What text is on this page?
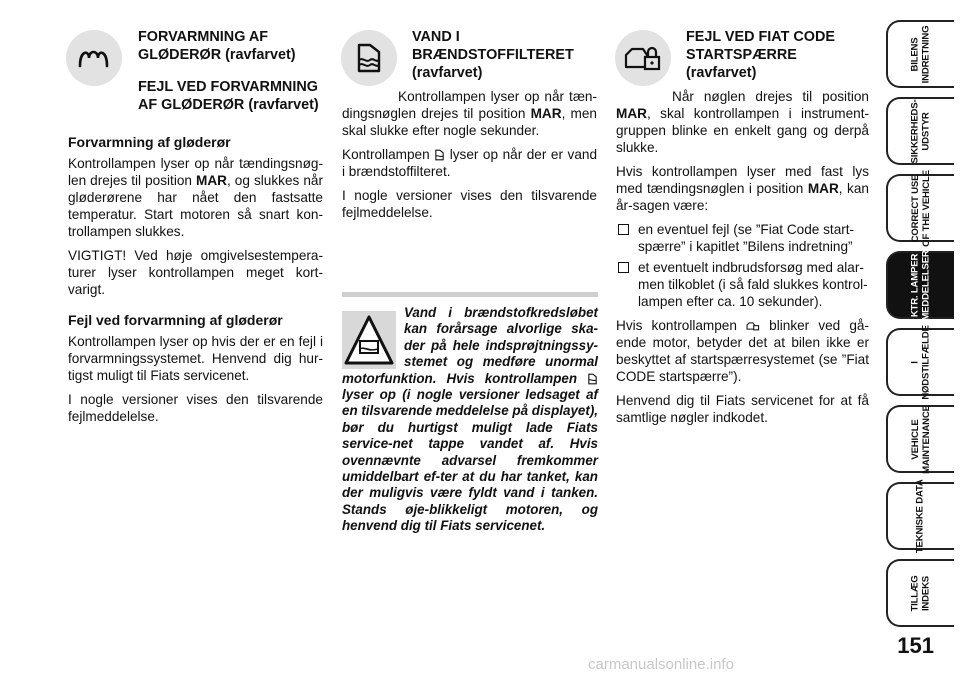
FORVARMNING AF GLØDERØR (ravfarvet)
FEJL VED FORVARMNING AF GLØDERØR (ravfarvet)
Forvarmning af gløderør

Kontrollampen lyser op når tændingsnøg-len drejes til position MAR, og slukkes når gløderørene har nået den fastsatte temperatur. Start motoren så snart kon-trollampen slukkes.

VIGTIGT! Ved høje omgivelsestempera-turer lyser kontrollampen meget kort-varigt.

Fejl ved forvarmning af gløderør

Kontrollampen lyser op hvis der er en fejl i forvarmningssystemet. Henvend dig hur-tigst muligt til Fiats servicenet.

I nogle versioner vises den tilsvarende fejlmeddelelse.

VAND I BRÆNDSTOFFILTERET (ravfarvet)

Kontrollampen lyser op når tæn-dingsnøglen drejes til position MAR, men skal slukke efter nogle sekunder.

Kontrollampen  lyser op når der er vand i brændstoffilteret.

I nogle versioner vises den tilsvarende fejlmeddelelse.

Vand i brændstofkredsløbet kan forårsage alvorlige ska-der på hele indsprøjtningssy-stemet og medføre unormal motorfunktion. Hvis kontrollampen  lyser op (i nogle versioner ledsaget af en tilsvarende meddelelse på displayet), bør du hurtigst muligt lade Fiats service-net tappe vandet af. Hvis ovennævnte advarsel fremkommer umiddelbart ef-ter at du har tanket, kan der muligvis være fyldt vand i tanken. Stands øje-blikkeligt motoren, og henvend dig til Fiats servicenet.
FEJL VED FIAT CODE STARTSPÆRRE (ravfarvet)

Når nøglen drejes til position MAR, skal kontrollampen i instrument-gruppen blinke en enkelt gang og derpå slukke.

Hvis kontrollampen lyser med fast lys med tændingsnøglen i position MAR, kan år-sagen være:

en eventuel fejl (se ”Fiat Code start-spærre” i kapitlet ”Bilens indretning”
et eventuelt indbrudsforsøg med alar-men tilkoblet (i så fald slukkes kontrol-lampen efter ca. 10 sekunder).

Hvis kontrollampen  blinker ved gå-ende motor, betyder det at bilen ikke er beskyttet af startspærresystemet (se ”Fiat CODE startspærre”).

Henvend dig til Fiats servicenet for at få samtlige nøgler indkodet.

BILENS
INDRETNING
SIKKERHEDS-
UDSTYR
CORRECT USE
OF THE VEHICLE
KTR. LAMPER
MEDDELELSER
I
NØDSTILFÆLDE
VEHICLE
MAINTENANCE
TEKNISKE DATA
TILLÆG
INDEKS
151
carmanualsonline.info
